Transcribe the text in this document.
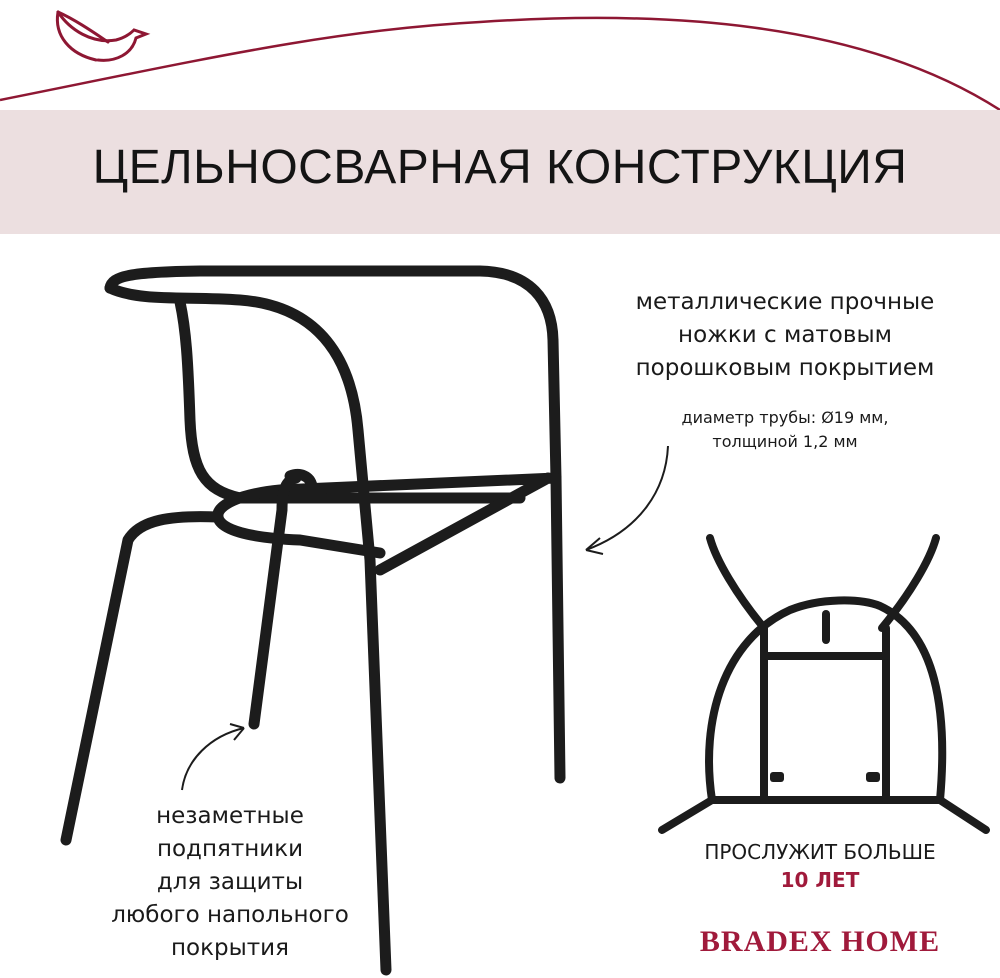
ЦЕЛЬНОСВАРНАЯ КОНСТРУКЦИЯ
металлические прочные
ножки с матовым
порошковым покрытием
диаметр трубы: Ø19 мм,
толщиной 1,2 мм
незаметные
подпятники
для защиты
любого напольного
покрытия
ПРОСЛУЖИТ БОЛЬШЕ
10 ЛЕТ
BRADEX HOME
